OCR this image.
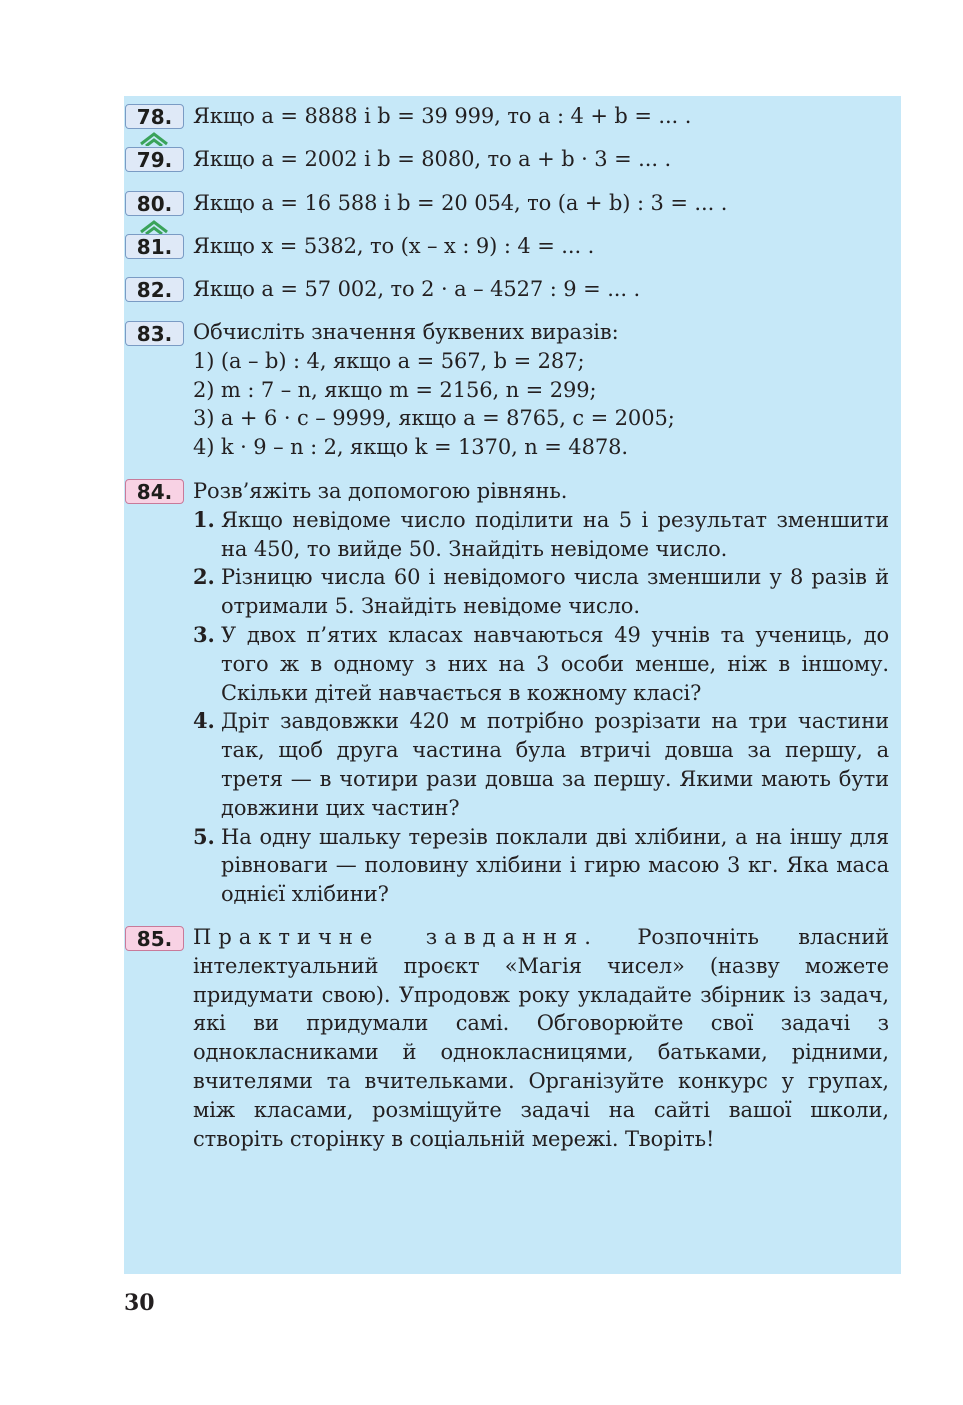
78. Якщо a = 8888 і b = 39 999, то a : 4 + b = ... .
79. Якщо a = 2002 і b = 8080, то a + b · 3 = ... .
80. Якщо a = 16 588 і b = 20 054, то (a + b) : 3 = ... .
81. Якщо x = 5382, то (x – x : 9) : 4 = ... .
82. Якщо a = 57 002, то 2 · a – 4527 : 9 = ... .
83. Обчисліть значення буквених виразів:
1) (a – b) : 4, якщо a = 567, b = 287;
2) m : 7 – n, якщо m = 2156, n = 299;
3) a + 6 · c – 9999, якщо a = 8765, c = 2005;
4) k · 9 – n : 2, якщо k = 1370, n = 4878.
84. Розв’яжіть за допомогою рівнянь.
1. Якщо невідоме число поділити на 5 і результат зменшити на 450, то вийде 50. Знайдіть невідоме число.
2. Різницю числа 60 і невідомого числа зменшили у 8 разів й отримали 5. Знайдіть невідоме число.
3. У двох п’ятих класах навчаються 49 учнів та учениць, до того ж в одному з них на 3 особи менше, ніж в іншому. Скільки дітей навчається в кожному класі?
4. Дріт завдовжки 420 м потрібно розрізати на три частини так, щоб друга частина була втричі довша за першу, а третя — в чотири рази довша за першу. Якими мають бути довжини цих частин?
5. На одну шальку терезів поклали дві хлібини, а на іншу для рівноваги — половину хлібини і гирю масою 3 кг. Яка маса однієї хлібини?
85. Практичне завдання. Розпочніть власний інтелектуальний проєкт «Магія чисел» (назву можете придумати свою). Упродовж року укладайте збірник із задач, які ви придумали самі. Обговорюйте свої задачі з однокласниками й однокласницями, батьками, рідними, вчителями та вчительками. Організуйте конкурс у групах, між класами, розміщуйте задачі на сайті вашої школи, створіть сторінку в соціальній мережі. Творіть!
30
